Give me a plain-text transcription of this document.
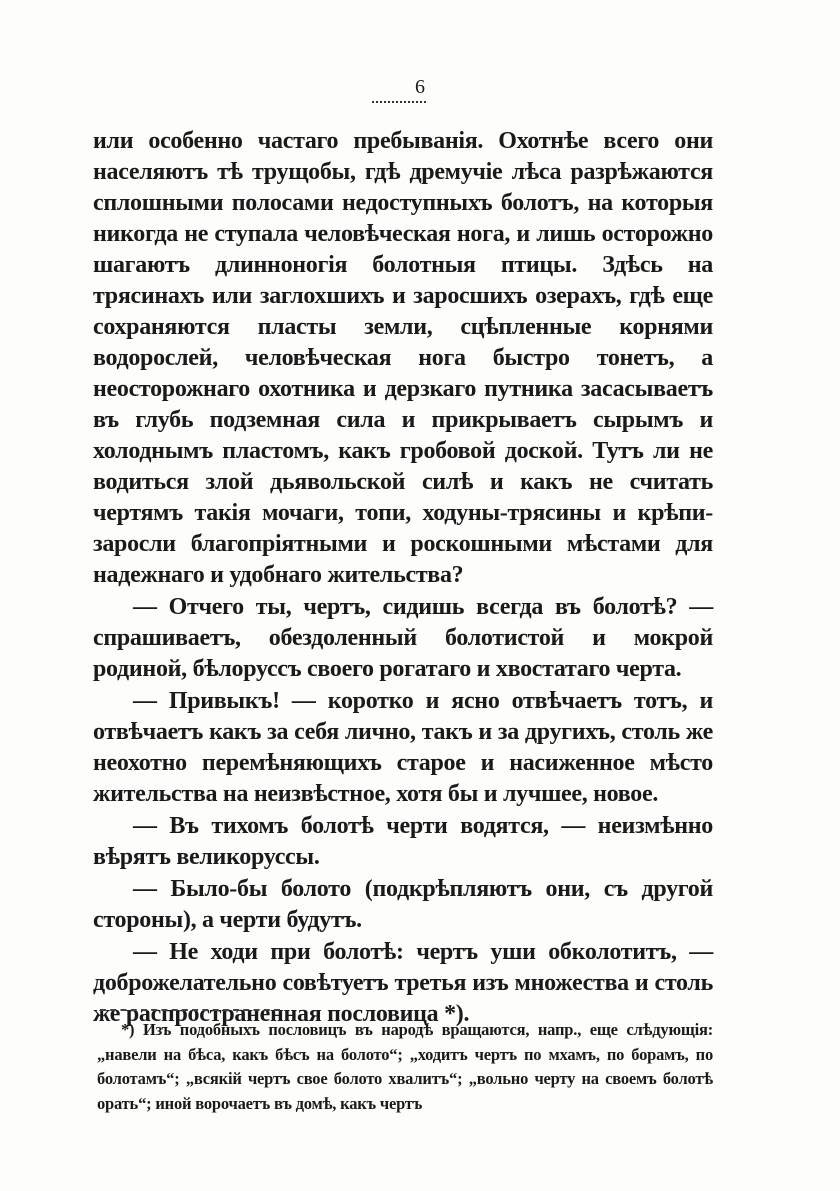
6

или особенно частаго пребыванія. Охотнѣе всего они населяютъ тѣ трущобы, гдѣ дремучіе лѣса разрѣжаются сплошными полосами недоступныхъ болотъ, на которыя никогда не ступала человѣческая нога, и лишь осторожно шагаютъ длинноногія болотныя птицы. Здѣсь на трясинахъ или заглохшихъ и заросшихъ озерахъ, гдѣ еще сохраняются пласты земли, сцѣпленные корнями водорослей, человѣческая нога быстро тонетъ, а неосторожнаго охотника и дерзкаго путника засасываетъ въ глубь подземная сила и прикрываетъ сырымъ и холоднымъ пластомъ, какъ гробовой доской. Тутъ ли не водиться злой дьявольской силѣ и какъ не считать чертямъ такія мочаги, топи, ходуны-трясины и крѣпи-заросли благопріятными и роскошными мѣстами для надежнаго и удобнаго жительства?

— Отчего ты, чертъ, сидишь всегда въ болотѣ? — спрашиваетъ, обездоленный болотистой и мокрой родиной, бѣлоруссъ своего рогатаго и хвостатаго черта.

— Привыкъ! — коротко и ясно отвѣчаетъ тотъ, и отвѣчаетъ какъ за себя лично, такъ и за другихъ, столь же неохотно перемѣняющихъ старое и насиженное мѣсто жительства на неизвѣстное, хотя бы и лучшее, новое.

— Въ тихомъ болотѣ черти водятся, — неизмѣнно вѣрятъ великоруссы.

— Было-бы болото (подкрѣпляютъ они, съ другой стороны), а черти будутъ.

— Не ходи при болотѣ: чертъ уши обколотитъ, — доброжелательно совѣтуетъ третья изъ множества и столь же распространенная пословица *).

*) Изъ подобныхъ пословицъ въ народѣ вращаются, напр., еще слѣдующія: „навели на бѣса, какъ бѣсъ на болото“; „ходитъ чертъ по мхамъ, по борамъ, по болотамъ“; „всякій чертъ свое болото хвалитъ“; „вольно черту на своемъ болотѣ орать“; иной ворочаетъ въ домѣ, какъ чертъ
